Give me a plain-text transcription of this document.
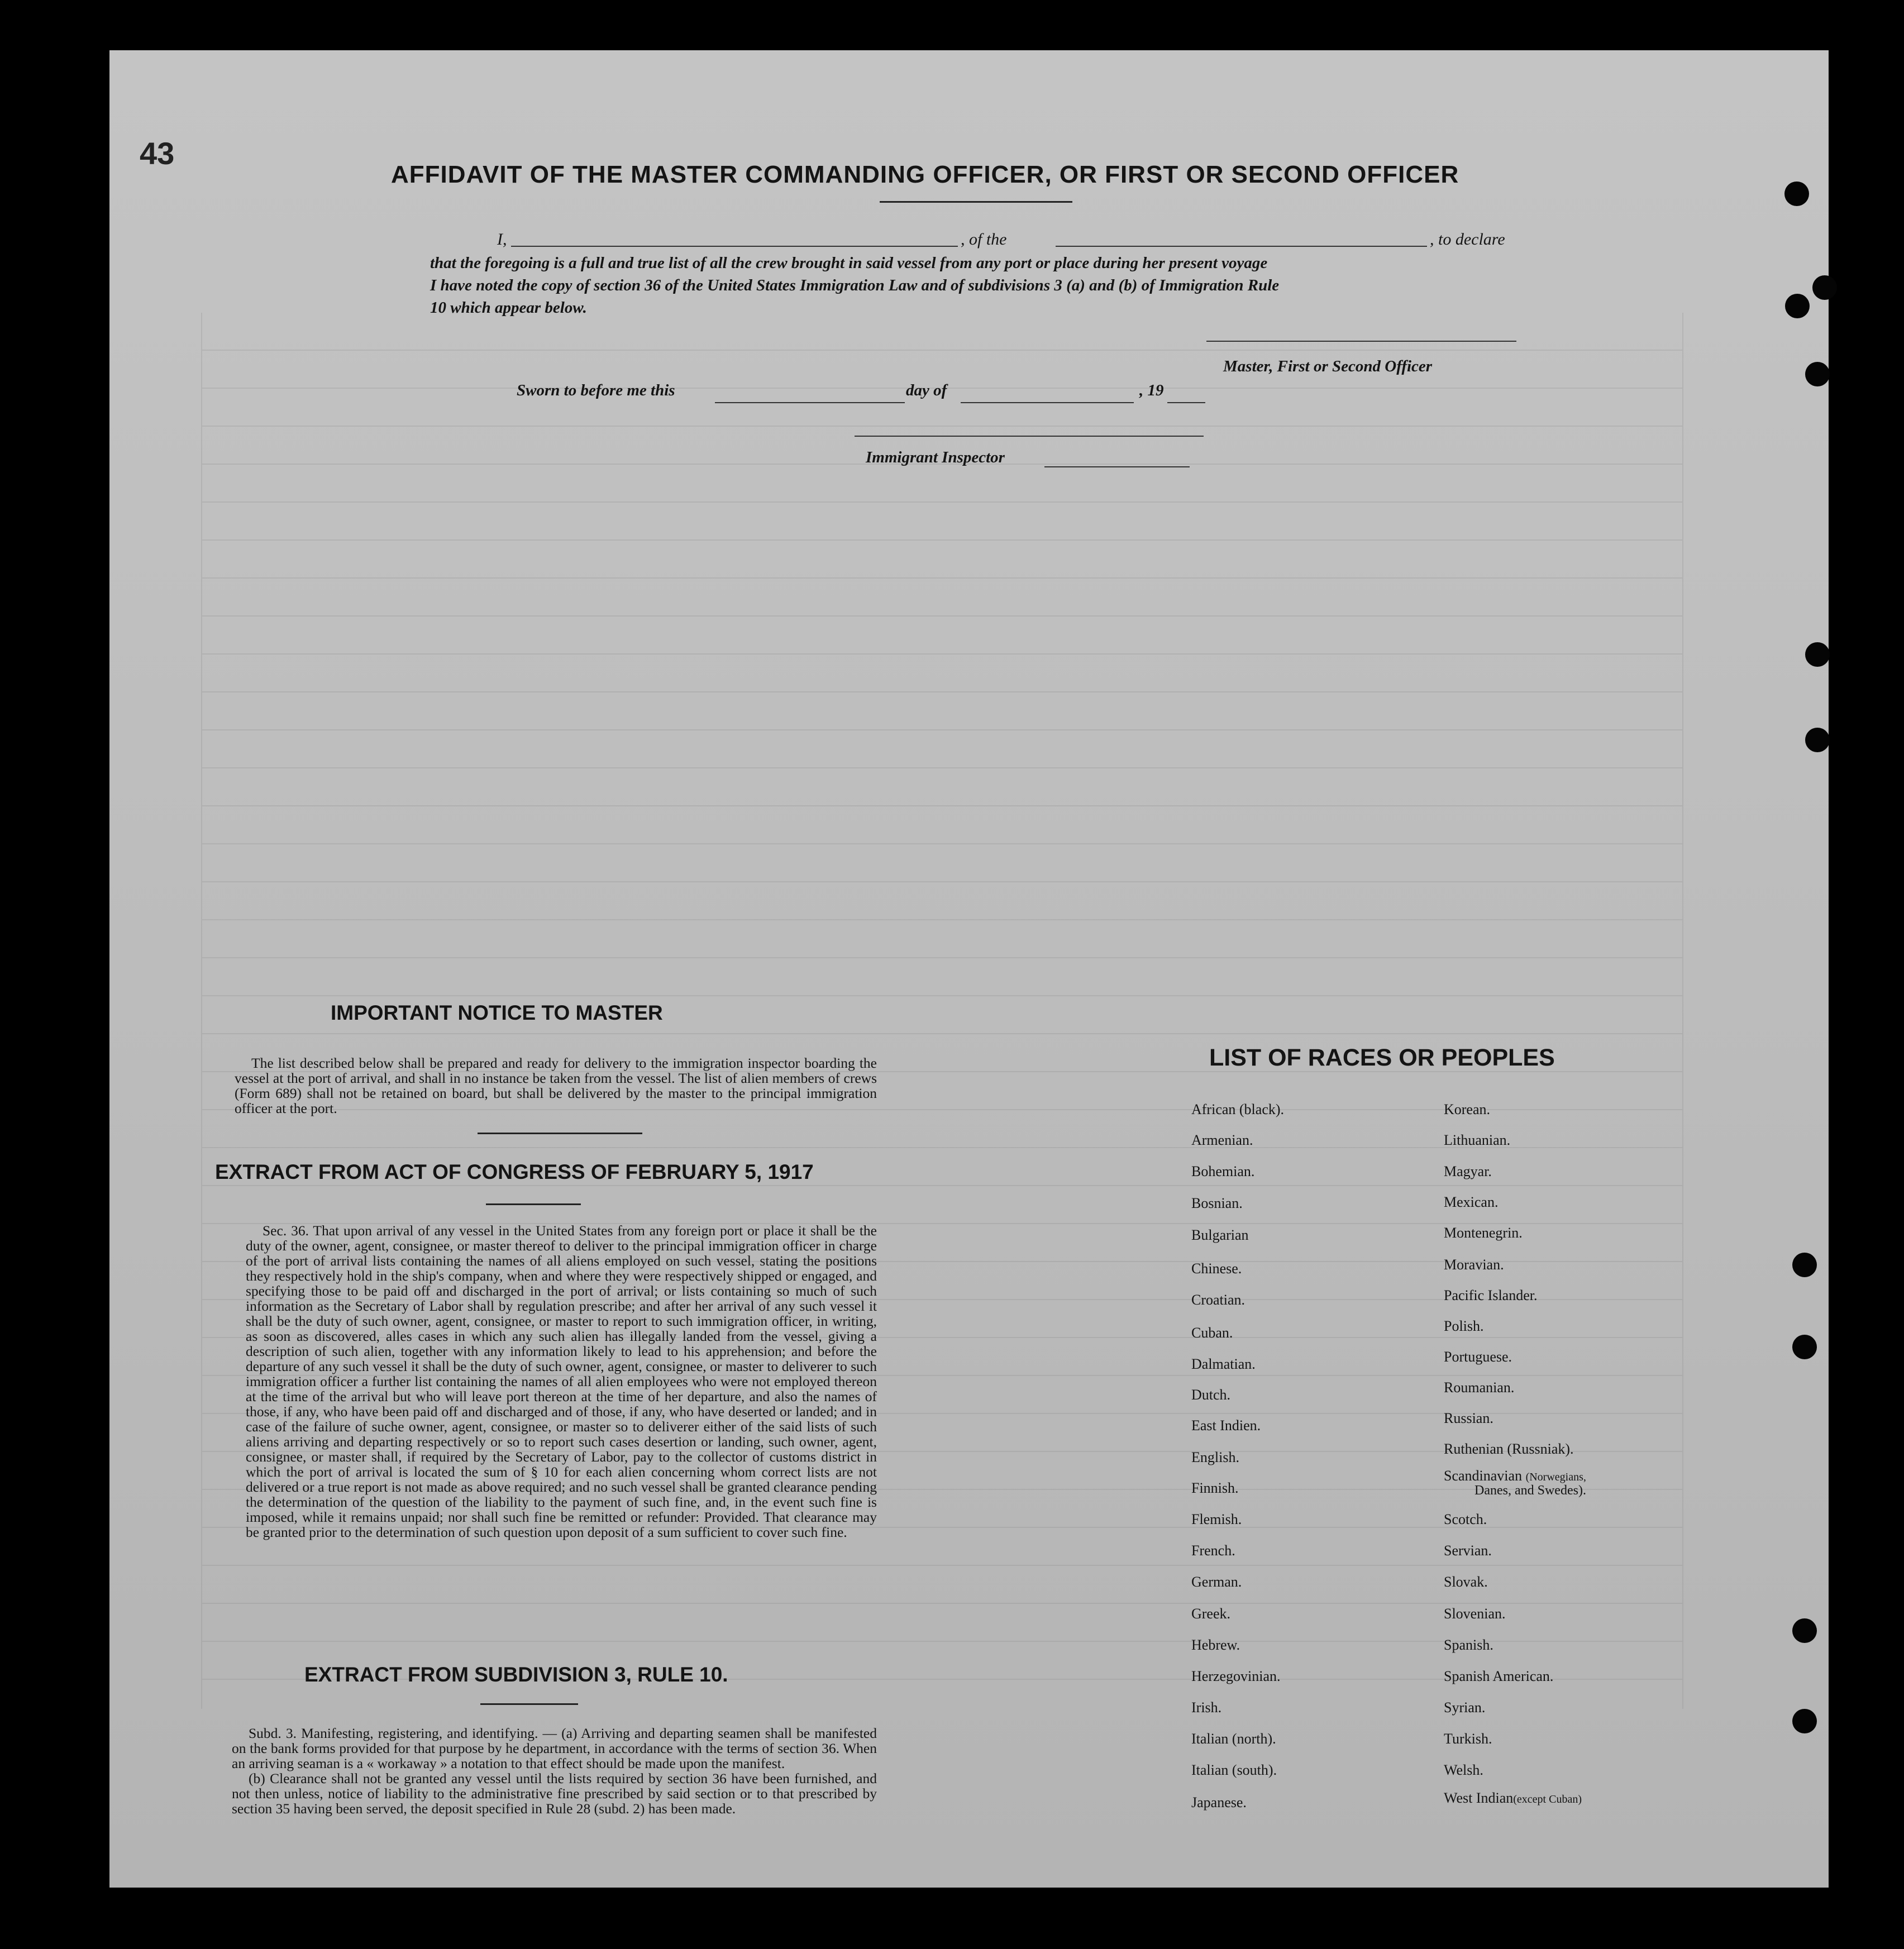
43
AFFIDAVIT OF THE MASTER COMMANDING OFFICER, OR FIRST OR SECOND OFFICER
I,	, of the	, to declare
that the foregoing is a full and true list of all the crew brought in said vessel from any port or place during her present voyage
I have noted the copy of section 36 of the United States Immigration Law and of subdivisions 3 (a) and (b) of Immigration Rule
10 which appear below.
Master, First or Second Officer
Sworn to before me this	day of	, 19
Immigrant Inspector
IMPORTANT NOTICE TO MASTER

The list described below shall be prepared and ready for delivery to the immigration inspector boarding the vessel at the port of arrival, and shall in no instance be taken from the vessel. The list of alien members of crews (Form 689) shall not be retained on board, but shall be delivered by the master to the principal immigration officer at the port.

EXTRACT FROM ACT OF CONGRESS OF FEBRUARY 5, 1917

Sec. 36. That upon arrival of any vessel in the United States from any foreign port or place it shall be the duty of the owner, agent, consignee, or master thereof to deliver to the principal immigration officer in charge of the port of arrival lists containing the names of all aliens employed on such vessel, stating the positions they respectively hold in the ship's company, when and where they were respectively shipped or engaged, and specifying those to be paid off and discharged in the port of arrival; or lists containing so much of such information as the Secretary of Labor shall by regulation prescribe; and after her arrival of any such vessel it shall be the duty of such owner, agent, consignee, or master to report to such immigration officer, in writing, as soon as discovered, alles cases in which any such alien has illegally landed from the vessel, giving a description of such alien, together with any information likely to lead to his apprehension; and before the departure of any such vessel it shall be the duty of such owner, agent, consignee, or master to deliverer to such immigration officer a further list containing the names of all alien employees who were not employed thereon at the time of the arrival but who will leave port thereon at the time of her departure, and also the names of those, if any, who have been paid off and discharged and of those, if any, who have deserted or landed; and in case of the failure of suche owner, agent, consignee, or master so to deliverer either of the said lists of such aliens arriving and departing respectively or so to report such cases desertion or landing, such owner, agent, consignee, or master shall, if required by the Secretary of Labor, pay to the collector of customs district in which the port of arrival is located the sum of § 10 for each alien concerning whom correct lists are not delivered or a true report is not made as above required; and no such vessel shall be granted clearance pending the determination of the question of the liability to the payment of such fine, and, in the event such fine is imposed, while it remains unpaid; nor shall such fine be remitted or refunder: Provided. That clearance may be granted prior to the determination of such question upon deposit of a sum sufficient to cover such fine.

EXTRACT FROM SUBDIVISION 3, RULE 10.

Subd. 3. Manifesting, registering, and identifying. — (a) Arriving and departing seamen shall be manifested on the bank forms provided for that purpose by he department, in accordance with the terms of section 36. When an arriving seaman is a « workaway » a notation to that effect should be made upon the manifest.

(b) Clearance shall not be granted any vessel until the lists required by section 36 have been furnished, and not then unless, notice of liability to the administrative fine prescribed by said section or to that prescribed by section 35 having been served, the deposit specified in Rule 28 (subd. 2) has been made.

LIST OF RACES OR PEOPLES
African (black).
Armenian.
Bohemian.
Bosnian.
Bulgarian
Chinese.
Croatian.
Cuban.
Dalmatian.
Dutch.
East Indien.
English.
Finnish.
Flemish.
French.
German.
Greek.
Hebrew.
Herzegovinian.
Irish.
Italian (north).
Italian (south).
Japanese.
Korean.
Lithuanian.
Magyar.
Mexican.
Montenegrin.
Moravian.
Pacific Islander.
Polish.
Portuguese.
Roumanian.
Russian.
Ruthenian (Russniak).
Scandinavian (Norwegians,
Danes, and Swedes).
Scotch.
Servian.
Slovak.
Slovenian.
Spanish.
Spanish American.
Syrian.
Turkish.
Welsh.
West Indian(except Cuban)
